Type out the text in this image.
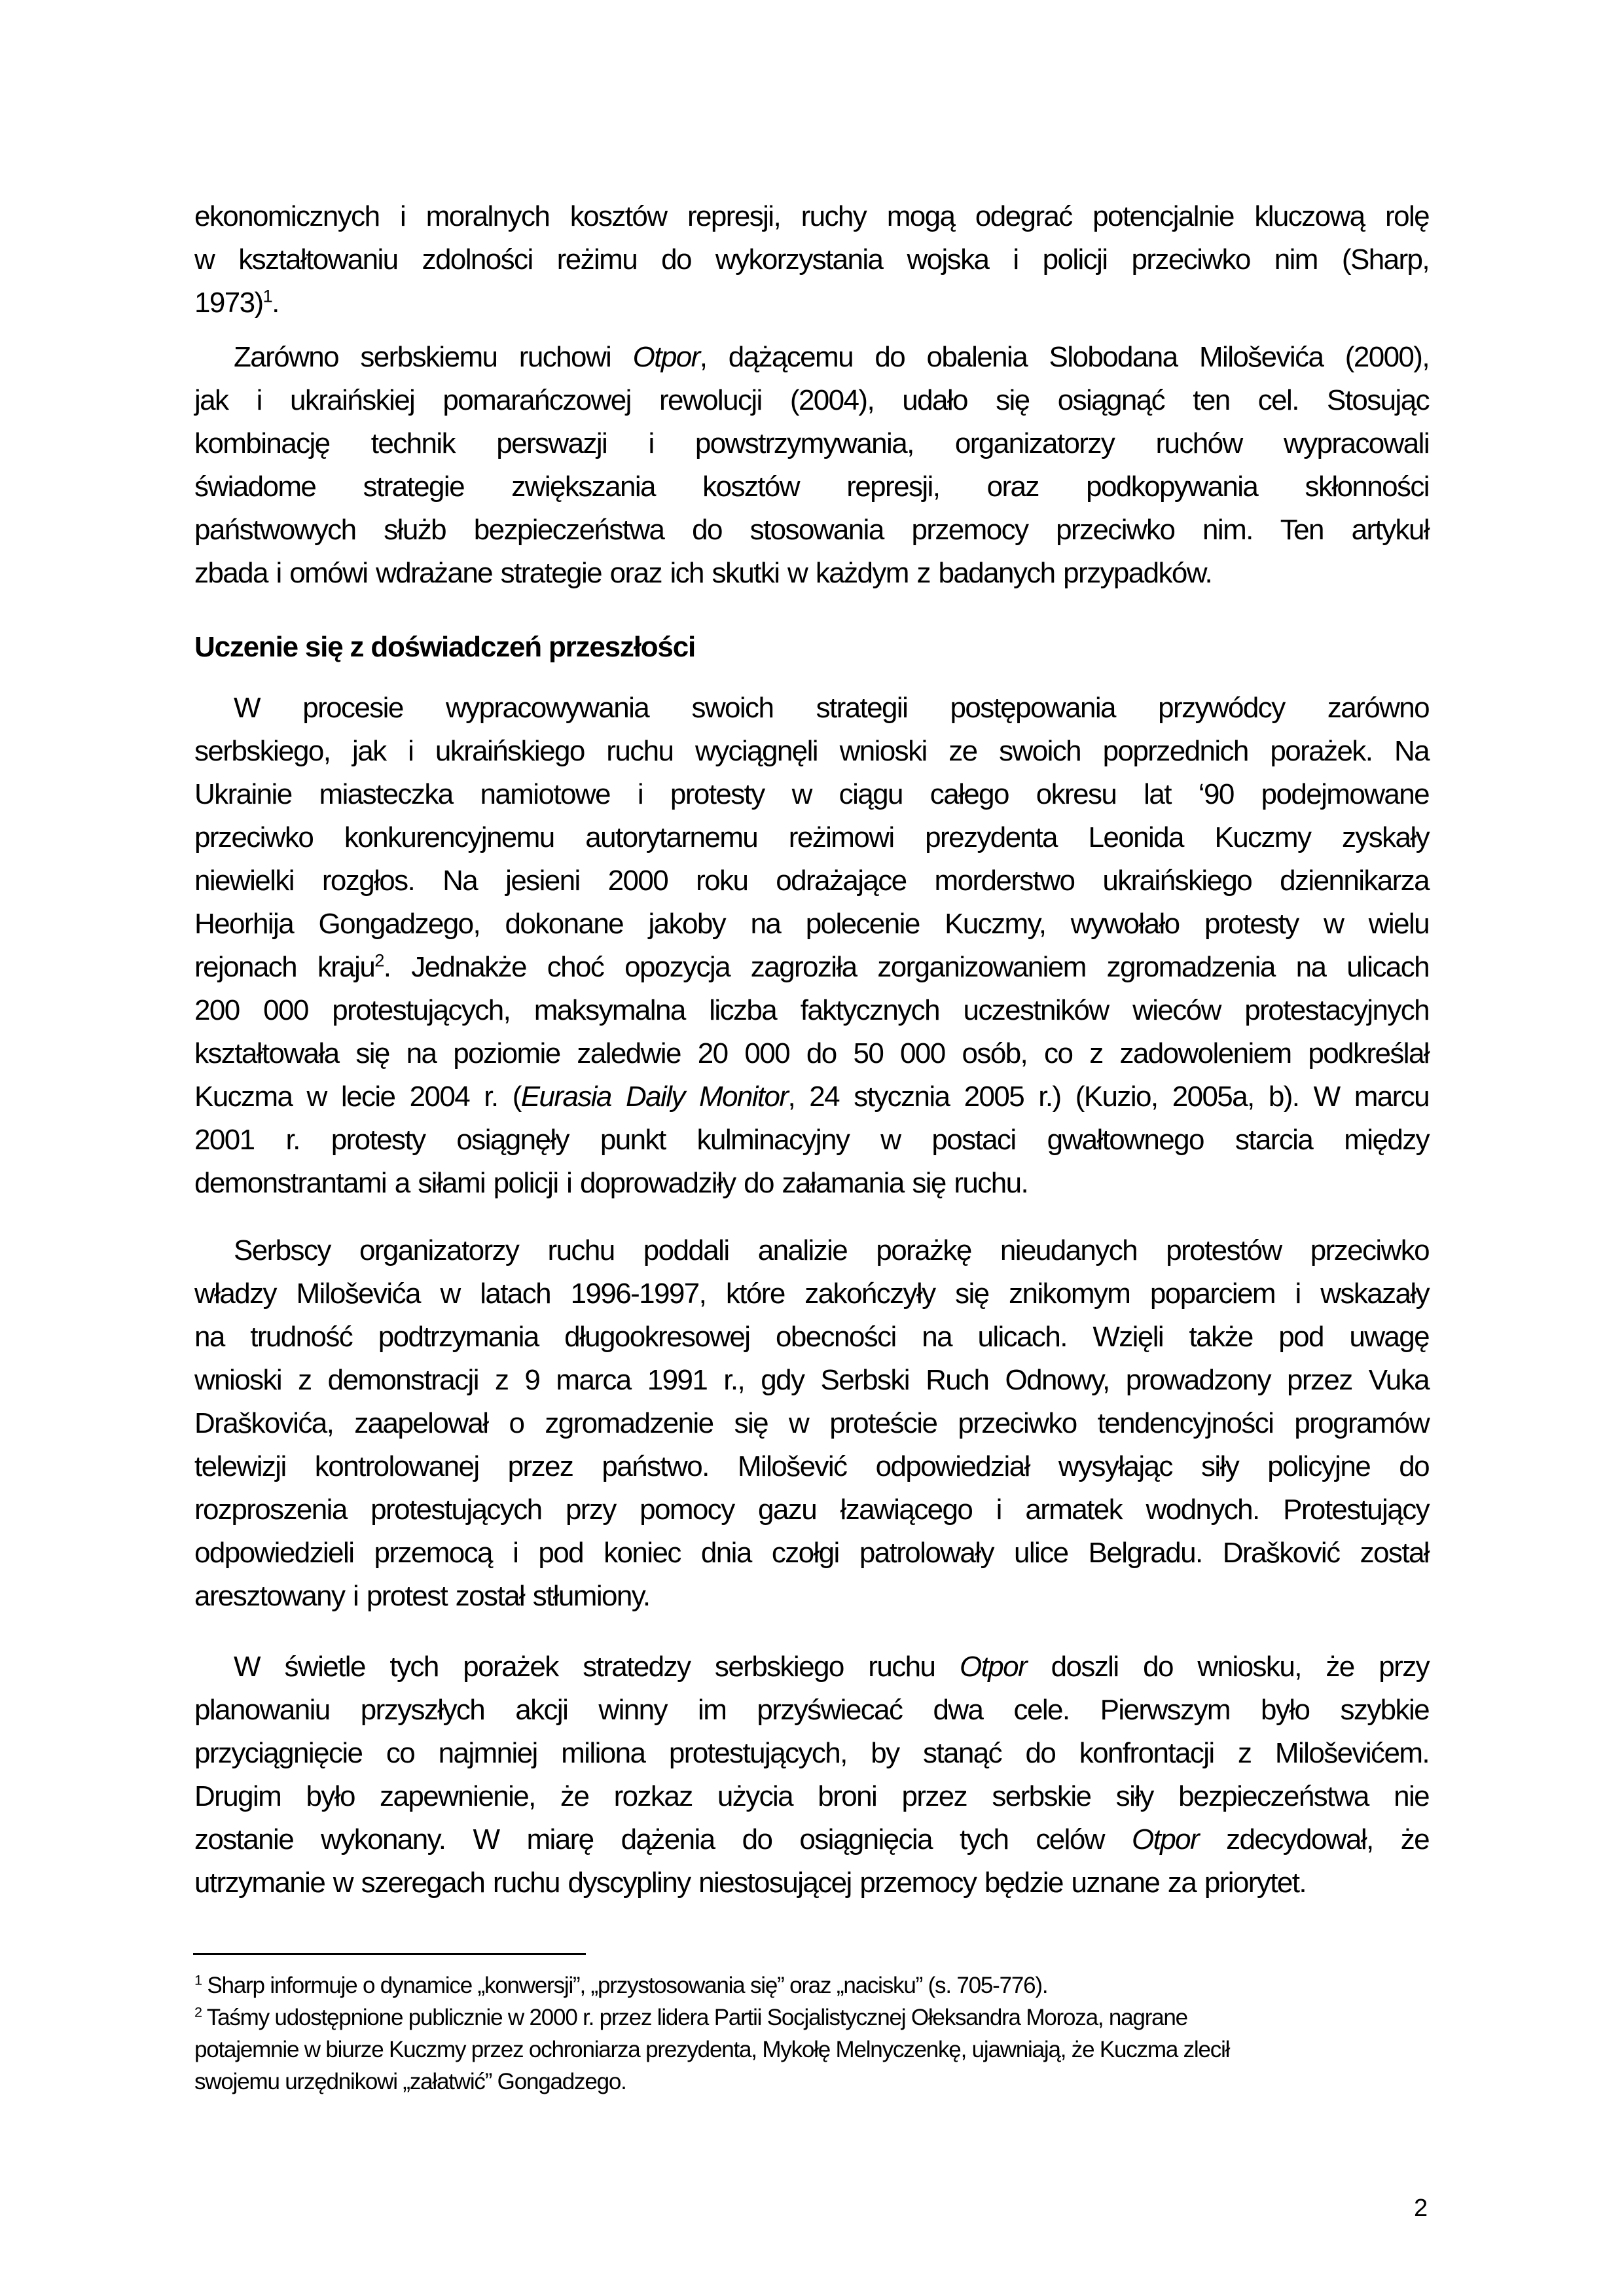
ekonomicznych i moralnych kosztów represji, ruchy mogą odegrać potencjalnie kluczową rolę
w kształtowaniu zdolności reżimu do wykorzystania wojska i policji przeciwko nim (Sharp,
1973)$^1$.
Zarówno serbskiemu ruchowi Otpor, dążącemu do obalenia Slobodana Miloševića (2000),
jak i ukraińskiej pomarańczowej rewolucji (2004), udało się osiągnąć ten cel. Stosując
kombinację technik perswazji i powstrzymywania, organizatorzy ruchów wypracowali
świadome strategie zwiększania kosztów represji, oraz podkopywania skłonności
państwowych służb bezpieczeństwa do stosowania przemocy przeciwko nim. Ten artykuł
zbada i omówi wdrażane strategie oraz ich skutki w każdym z badanych przypadków.
Uczenie się z doświadczeń przeszłości
W procesie wypracowywania swoich strategii postępowania przywódcy zarówno
serbskiego, jak i ukraińskiego ruchu wyciągnęli wnioski ze swoich poprzednich porażek. Na
Ukrainie miasteczka namiotowe i protesty w ciągu całego okresu lat ‘90 podejmowane
przeciwko konkurencyjnemu autorytarnemu reżimowi prezydenta Leonida Kuczmy zyskały
niewielki rozgłos. Na jesieni 2000 roku odrażające morderstwo ukraińskiego dziennikarza
Heorhija Gongadzego, dokonane jakoby na polecenie Kuczmy, wywołało protesty w wielu
rejonach kraju$^2$. Jednakże choć opozycja zagroziła zorganizowaniem zgromadzenia na ulicach
200 000 protestujących, maksymalna liczba faktycznych uczestników wieców protestacyjnych
kształtowała się na poziomie zaledwie 20 000 do 50 000 osób, co z zadowoleniem podkreślał
Kuczma w lecie 2004 r. (Eurasia Daily Monitor, 24 stycznia 2005 r.) (Kuzio, 2005a, b). W marcu
2001 r. protesty osiągnęły punkt kulminacyjny w postaci gwałtownego starcia między
demonstrantami a siłami policji i doprowadziły do załamania się ruchu.
Serbscy organizatorzy ruchu poddali analizie porażkę nieudanych protestów przeciwko
władzy Miloševića w latach 1996-1997, które zakończyły się znikomym poparciem i wskazały
na trudność podtrzymania długookresowej obecności na ulicach. Wzięli także pod uwagę
wnioski z demonstracji z 9 marca 1991 r., gdy Serbski Ruch Odnowy, prowadzony przez Vuka
Draškovića, zaapelował o zgromadzenie się w proteście przeciwko tendencyjności programów
telewizji kontrolowanej przez państwo. Milošević odpowiedział wysyłając siły policyjne do
rozproszenia protestujących przy pomocy gazu łzawiącego i armatek wodnych. Protestujący
odpowiedzieli przemocą i pod koniec dnia czołgi patrolowały ulice Belgradu. Drašković został
aresztowany i protest został stłumiony.
W świetle tych porażek stratedzy serbskiego ruchu Otpor doszli do wniosku, że przy
planowaniu przyszłych akcji winny im przyświecać dwa cele. Pierwszym było szybkie
przyciągnięcie co najmniej miliona protestujących, by stanąć do konfrontacji z Miloševićem.
Drugim było zapewnienie, że rozkaz użycia broni przez serbskie siły bezpieczeństwa nie
zostanie wykonany. W miarę dążenia do osiągnięcia tych celów Otpor zdecydował, że
utrzymanie w szeregach ruchu dyscypliny niestosującej przemocy będzie uznane za priorytet.
$^1$ Sharp informuje o dynamice „konwersji”, „przystosowania się” oraz „nacisku” (s. 705-776).
$^2$ Taśmy udostępnione publicznie w 2000 r. przez lidera Partii Socjalistycznej Ołeksandra Moroza, nagrane
potajemnie w biurze Kuczmy przez ochroniarza prezydenta, Mykołę Melnyczenkę, ujawniają, że Kuczma zlecił
swojemu urzędnikowi „załatwić” Gongadzego.
2
